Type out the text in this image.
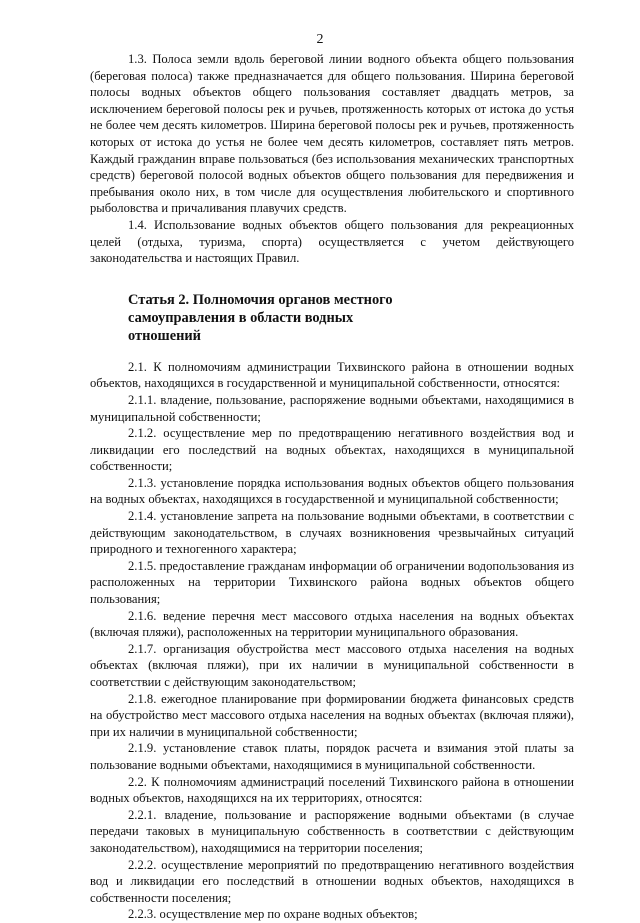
2

1.3. Полоса земли вдоль береговой линии водного объекта общего пользования (береговая полоса) также предназначается для общего пользования. Ширина береговой полосы водных объектов общего пользования составляет двадцать метров, за исключением береговой полосы рек и ручьев, протяженность которых от истока до устья не более чем десять километров. Ширина береговой полосы рек и ручьев, протяженность которых от истока до устья не более чем десять километров, составляет пять метров. Каждый гражданин вправе пользоваться (без использования механических транспортных средств) береговой полосой водных объектов общего пользования для передвижения и пребывания около них, в том числе для осуществления любительского и спортивного рыболовства и причаливания плавучих средств.

1.4. Использование водных объектов общего пользования для рекреационных целей (отдыха, туризма, спорта) осуществляется с учетом действующего законодательства и настоящих Правил.

Статья 2. Полномочия органов местного самоуправления в области водных отношений

2.1. К полномочиям администрации Тихвинского района в отношении водных объектов, находящихся в государственной и муниципальной собственности, относятся:

2.1.1. владение, пользование, распоряжение водными объектами, находящимися в муниципальной собственности;

2.1.2. осуществление мер по предотвращению негативного воздействия вод и ликвидации его последствий на водных объектах, находящихся в муниципальной собственности;

2.1.3. установление порядка использования водных объектов общего пользования на водных объектах, находящихся в государственной и муниципальной собственности;

2.1.4. установление запрета на пользование водными объектами, в соответствии с действующим законодательством, в случаях возникновения чрезвычайных ситуаций природного и техногенного характера;

2.1.5. предоставление гражданам информации об ограничении водопользования из расположенных на территории Тихвинского района водных объектов общего пользования;

2.1.6. ведение перечня мест массового отдыха населения на водных объектах (включая пляжи), расположенных на территории муниципального образования.

2.1.7. организация обустройства мест массового отдыха населения на водных объектах (включая пляжи), при их наличии в муниципальной собственности в соответствии с действующим законодательством;

2.1.8. ежегодное планирование при формировании бюджета финансовых средств на обустройство мест массового отдыха населения на водных объектах (включая пляжи), при их наличии в муниципальной собственности;

2.1.9. установление ставок платы, порядок расчета и взимания этой платы за пользование водными объектами, находящимися в муниципальной собственности.

2.2. К полномочиям администраций поселений Тихвинского района в отношении водных объектов, находящихся на их территориях, относятся:

2.2.1. владение, пользование и распоряжение водными объектами (в случае передачи таковых в муниципальную собственность в соответствии с действующим законодательством), находящимися на территории поселения;

2.2.2. осуществление мероприятий по предотвращению негативного воздействия вод и ликвидации его последствий в отношении водных объектов, находящихся в собственности поселения;

2.2.3. осуществление мер по охране водных объектов;
